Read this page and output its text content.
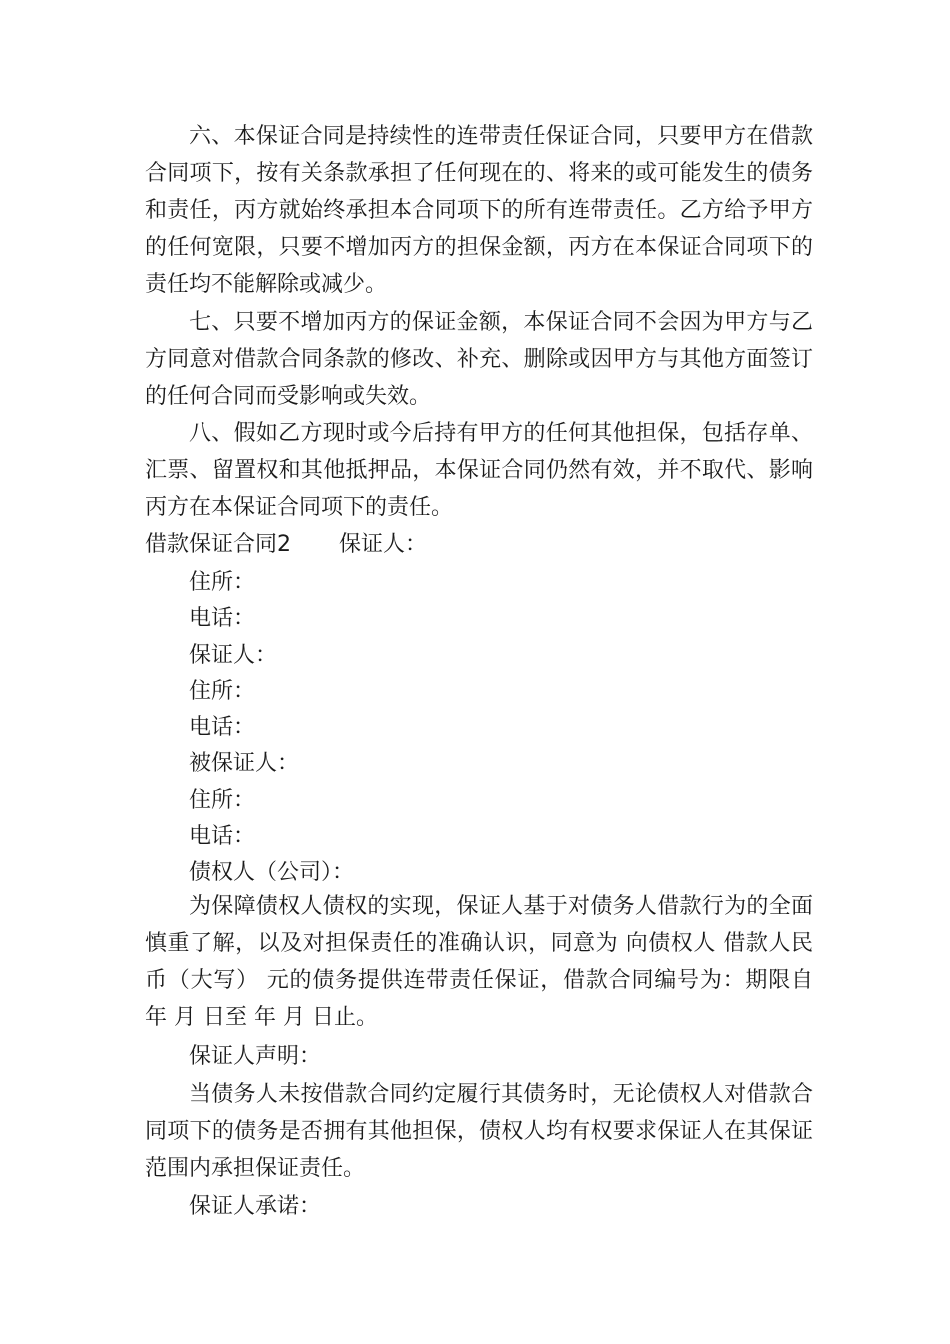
六、本保证合同是持续性的连带责任保证合同，只要甲方在借款合同项下，按有关条款承担了任何现在的、将来的或可能发生的债务和责任，丙方就始终承担本合同项下的所有连带责任。乙方给予甲方的任何宽限，只要不增加丙方的担保金额，丙方在本保证合同项下的责任均不能解除或减少。

七、只要不增加丙方的保证金额，本保证合同不会因为甲方与乙方同意对借款合同条款的修改、补充、删除或因甲方与其他方面签订的任何合同而受影响或失效。

八、假如乙方现时或今后持有甲方的任何其他担保，包括存单、汇票、留置权和其他抵押品，本保证合同仍然有效，并不取代、影响丙方在本保证合同项下的责任。

借款保证合同2 保证人：

住所：

电话：

保证人：

住所：

电话：

被保证人：

住所：

电话：

债权人（公司）：

为保障债权人债权的实现，保证人基于对债务人借款行为的全面慎重了解，以及对担保责任的准确认识，同意为 向债权人 借款人民币（大写） 元的债务提供连带责任保证，借款合同编号为：期限自 年 月 日至 年 月 日止。

保证人声明：

当债务人未按借款合同约定履行其债务时，无论债权人对借款合同项下的债务是否拥有其他担保，债权人均有权要求保证人在其保证范围内承担保证责任。

保证人承诺：
